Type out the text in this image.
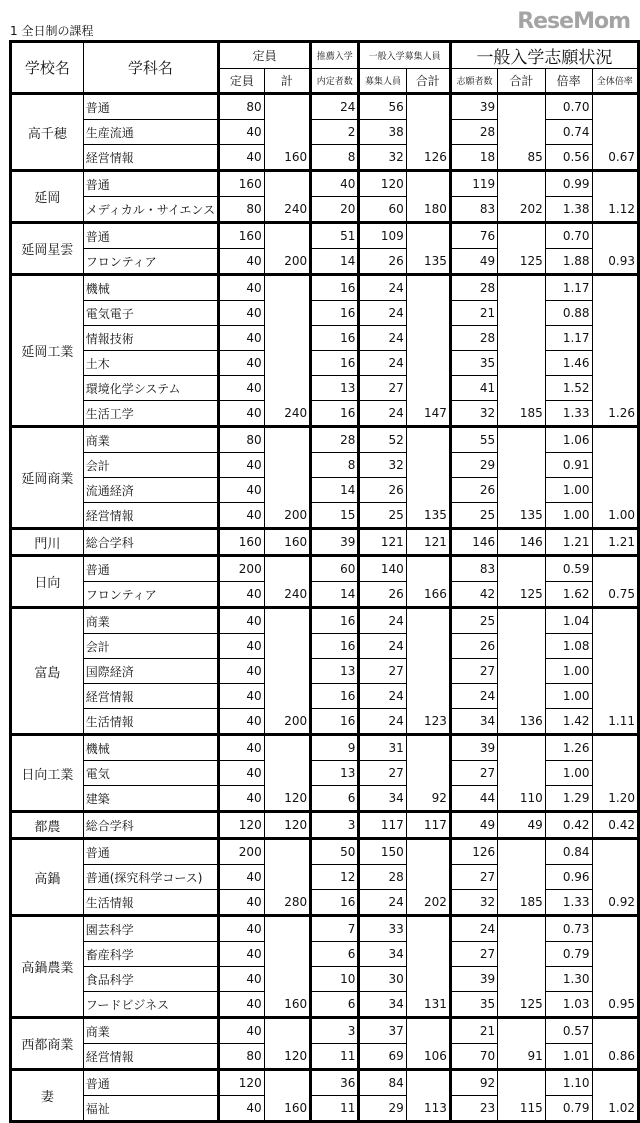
1 全日制の課程	ReseMom
学校名	学科名	定員		推薦入学	一般入学募集人員		一般入学志願状況			
		定員	計	内定者数	募集人員	合計	志願者数	合計	倍率	全体倍率
高千穂	普通	80		24	56		39		0.70	
	生産流通	40		2	38		28		0.74	
	経営情報	40	160	8	32	126	18	85	0.56	0.67
延岡	普通	160		40	120		119		0.99	
	メディカル・サイエンス	80	240	20	60	180	83	202	1.38	1.12
延岡星雲	普通	160		51	109		76		0.70	
	フロンティア	40	200	14	26	135	49	125	1.88	0.93
延岡工業	機械	40		16	24		28		1.17	
	電気電子	40		16	24		21		0.88	
	情報技術	40		16	24		28		1.17	
	土木	40		16	24		35		1.46	
	環境化学システム	40		13	27		41		1.52	
	生活工学	40	240	16	24	147	32	185	1.33	1.26
延岡商業	商業	80		28	52		55		1.06	
	会計	40		8	32		29		0.91	
	流通経済	40		14	26		26		1.00	
	経営情報	40	200	15	25	135	25	135	1.00	1.00
門川	総合学科	160	160	39	121	121	146	146	1.21	1.21
日向	普通	200		60	140		83		0.59	
	フロンティア	40	240	14	26	166	42	125	1.62	0.75
富島	商業	40		16	24		25		1.04	
	会計	40		16	24		26		1.08	
	国際経済	40		13	27		27		1.00	
	経営情報	40		16	24		24		1.00	
	生活情報	40	200	16	24	123	34	136	1.42	1.11
日向工業	機械	40		9	31		39		1.26	
	電気	40		13	27		27		1.00	
	建築	40	120	6	34	92	44	110	1.29	1.20
都農	総合学科	120	120	3	117	117	49	49	0.42	0.42
高鍋	普通	200		50	150		126		0.84	
	普通(探究科学コース)	40		12	28		27		0.96	
	生活情報	40	280	16	24	202	32	185	1.33	0.92
高鍋農業	園芸科学	40		7	33		24		0.73	
	畜産科学	40		6	34		27		0.79	
	食品科学	40		10	30		39		1.30	
	フードビジネス	40	160	6	34	131	35	125	1.03	0.95
西都商業	商業	40		3	37		21		0.57	
	経営情報	80	120	11	69	106	70	91	1.01	0.86
妻	普通	120		36	84		92		1.10	
	福祉	40	160	11	29	113	23	115	0.79	1.02
